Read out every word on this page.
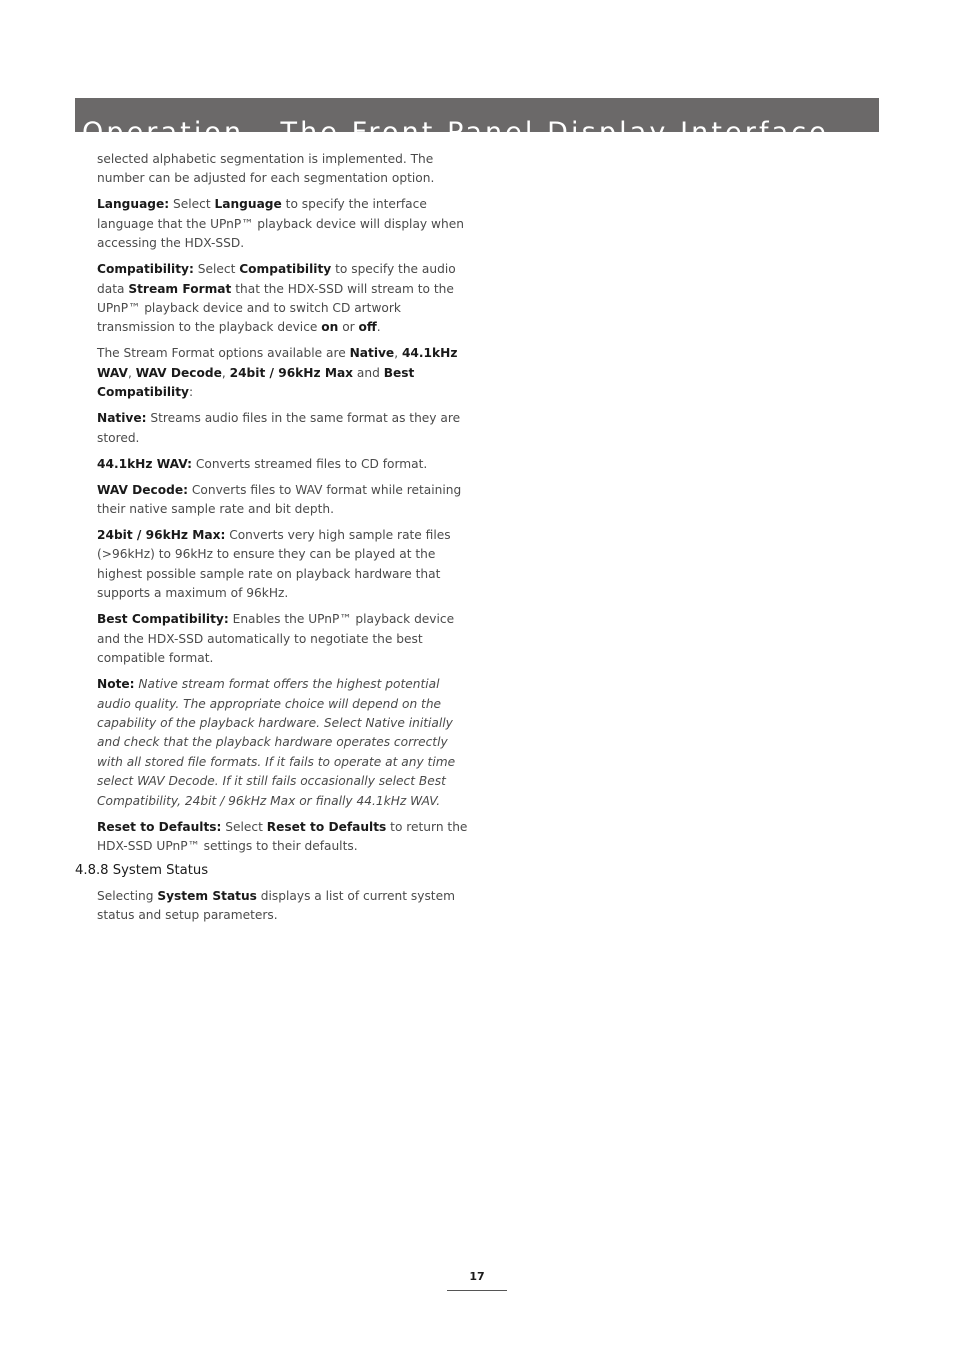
Operation - The Front Panel Display Interface

selected alphabetic segmentation is implemented. The number can be adjusted for each segmentation option.

Language: Select Language to specify the interface language that the UPnP™ playback device will display when accessing the HDX-SSD.

Compatibility: Select Compatibility to specify the audio data Stream Format that the HDX-SSD will stream to the UPnP™ playback device and to switch CD artwork transmission to the playback device on or off.

The Stream Format options available are Native, 44.1kHz WAV, WAV Decode, 24bit / 96kHz Max and Best Compatibility:

Native: Streams audio files in the same format as they are stored.

44.1kHz WAV: Converts streamed files to CD format.

WAV Decode: Converts files to WAV format while retaining their native sample rate and bit depth.

24bit / 96kHz Max: Converts very high sample rate files (>96kHz) to 96kHz to ensure they can be played at the highest possible sample rate on playback hardware that supports a maximum of 96kHz.

Best Compatibility: Enables the UPnP™ playback device and the HDX-SSD automatically to negotiate the best compatible format.

Note: Native stream format offers the highest potential audio quality. The appropriate choice will depend on the capability of the playback hardware. Select Native initially and check that the playback hardware operates correctly with all stored file formats. If it fails to operate at any time select WAV Decode. If it still fails occasionally select Best Compatibility, 24bit / 96kHz Max or finally 44.1kHz WAV.

Reset to Defaults: Select Reset to Defaults to return the HDX-SSD UPnP™ settings to their defaults.

4.8.8 System Status

Selecting System Status displays a list of current system status and setup parameters.

17
